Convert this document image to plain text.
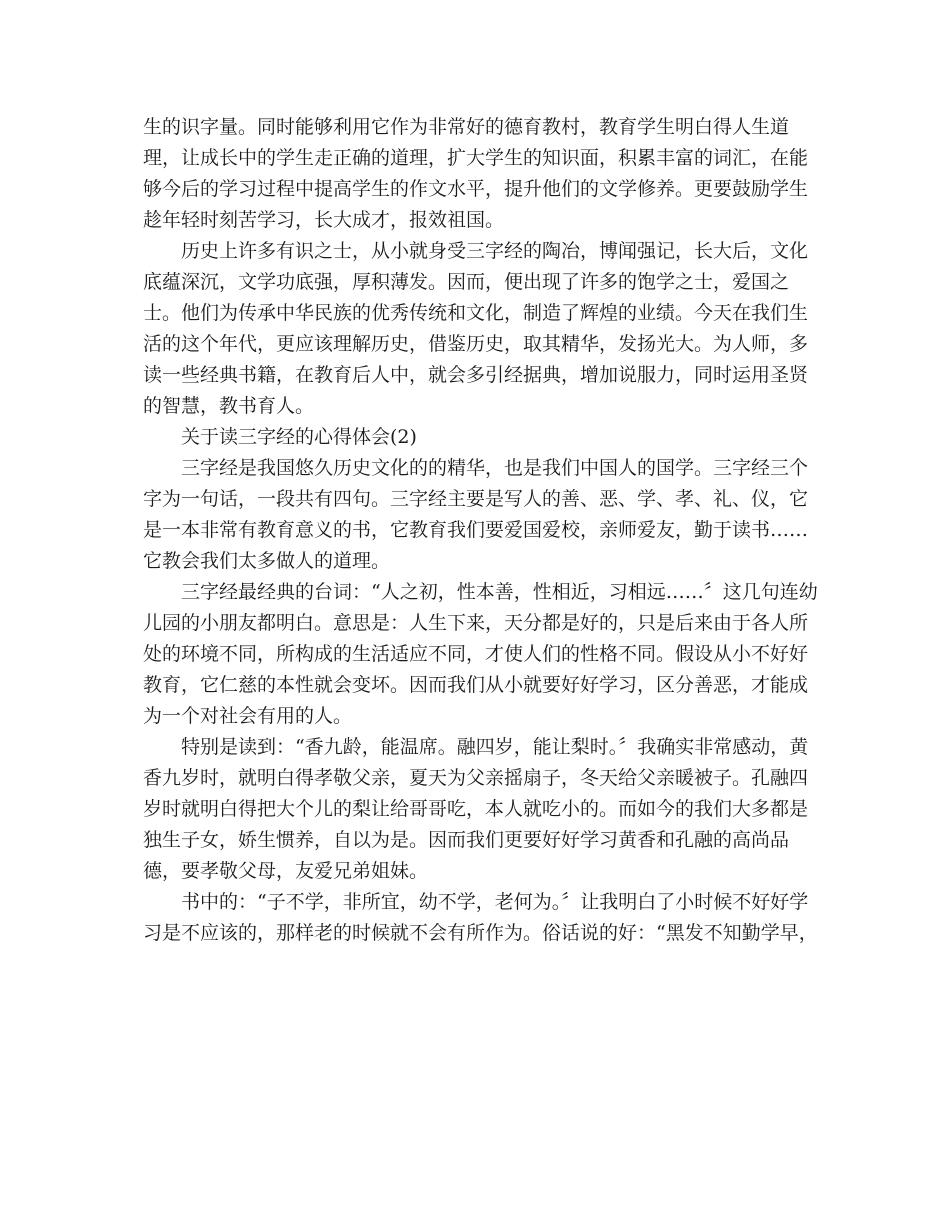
生的识字量。同时能够利用它作为非常好的德育教村，教育学生明白得人生道
理，让成长中的学生走正确的道理，扩大学生的知识面，积累丰富的词汇，在能
够今后的学习过程中提高学生的作文水平，提升他们的文学修养。更要鼓励学生
趁年轻时刻苦学习，长大成才，报效祖国。
历史上许多有识之士，从小就身受三字经的陶冶，博闻强记，长大后，文化
底蕴深沉，文学功底强，厚积薄发。因而，便出现了许多的饱学之士，爱国之
士。他们为传承中华民族的优秀传统和文化，制造了辉煌的业绩。今天在我们生
活的这个年代，更应该理解历史，借鉴历史，取其精华，发扬光大。为人师，多
读一些经典书籍，在教育后人中，就会多引经据典，增加说服力，同时运用圣贤
的智慧，教书育人。
关于读三字经的心得体会(2)
三字经是我国悠久历史文化的的精华，也是我们中国人的国学。三字经三个
字为一句话，一段共有四句。三字经主要是写人的善、恶、学、孝、礼、仪，它
是一本非常有教育意义的书，它教育我们要爱国爱校，亲师爱友，勤于读书……
它教会我们太多做人的道理。
三字经最经典的台词：“人之初，性本善，性相近，习相远……〞这几句连幼
儿园的小朋友都明白。意思是：人生下来，天分都是好的，只是后来由于各人所
处的环境不同，所构成的生活适应不同，才使人们的性格不同。假设从小不好好
教育，它仁慈的本性就会变坏。因而我们从小就要好好学习，区分善恶，才能成
为一个对社会有用的人。
特别是读到：“香九龄，能温席。融四岁，能让梨时。〞我确实非常感动，黄
香九岁时，就明白得孝敬父亲，夏天为父亲摇扇子，冬天给父亲暖被子。孔融四
岁时就明白得把大个儿的梨让给哥哥吃，本人就吃小的。而如今的我们大多都是
独生子女，娇生惯养，自以为是。因而我们更要好好学习黄香和孔融的高尚品
德，要孝敬父母，友爱兄弟姐妹。
书中的：“子不学，非所宜，幼不学，老何为。〞让我明白了小时候不好好学
习是不应该的，那样老的时候就不会有所作为。俗话说的好：“黑发不知勤学早，
